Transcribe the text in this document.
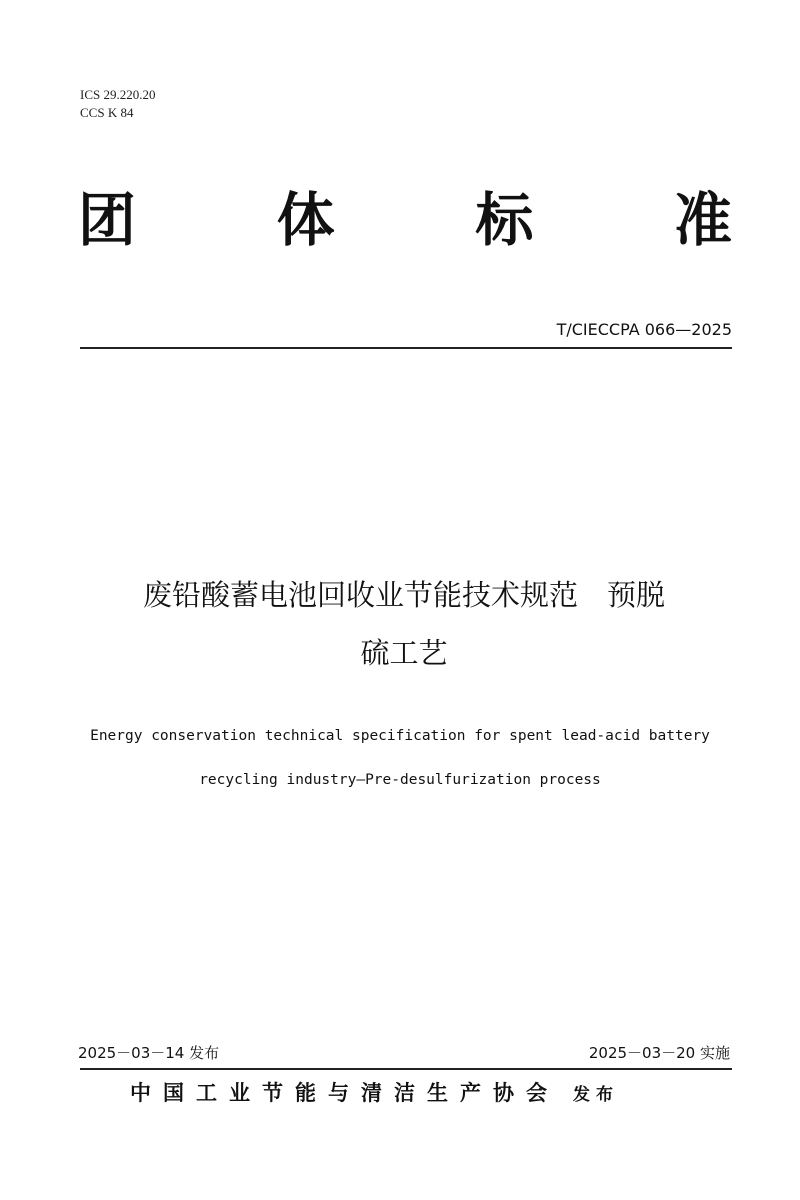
ICS 29.220.20
CCS K 84
团 体 标 准
T/CIECCPA 066—2025
废铅酸蓄电池回收业节能技术规范　预脱
硫工艺
Energy conservation technical specification for spent lead-acid battery
recycling industry—Pre-desulfurization process
2025－03－14 发布	2025－03－20 实施
中国工业节能与清洁生产协会 发布
